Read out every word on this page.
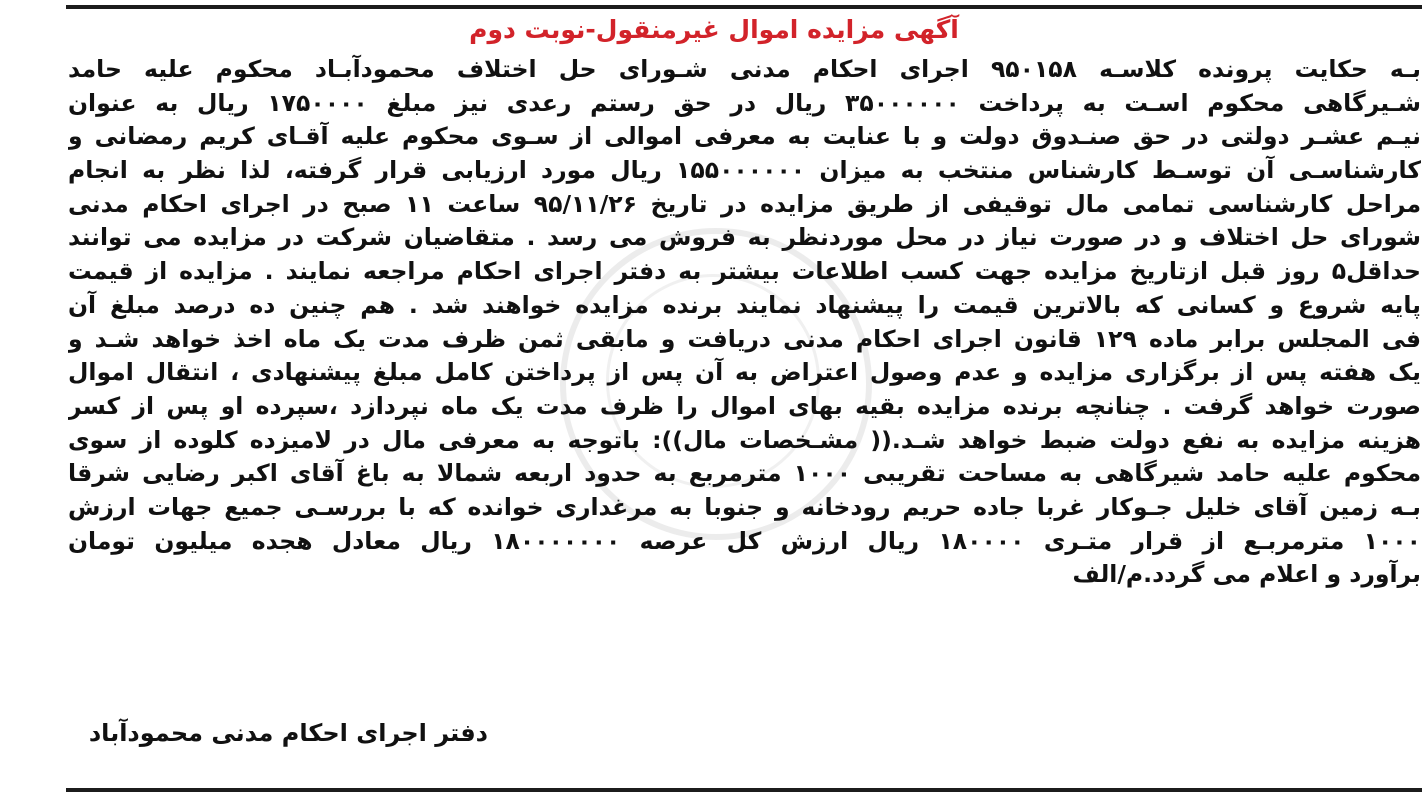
آگهی مزایده اموال غیرمنقول-نوبت دوم
بـه حکایت پرونده کلاسـه ۹۵۰۱۵۸ اجرای احکام مدنی شـورای حل اختلاف محمودآبـاد محکوم علیه حامد
شـیرگاهی محکوم اسـت به پرداخت ۳۵۰۰۰۰۰۰ ریال در حق رستم رعدی نیز مبلغ ۱۷۵۰۰۰۰ ریال به عنوان
نیـم عشـر دولتی در حق صنـدوق دولت و با عنایت به معرفی اموالی از سـوی محکوم علیه آقـای کریم رمضانی و
کارشناسـی آن توسـط کارشناس منتخب به میزان ۱۵۵۰۰۰۰۰۰ ریال مورد ارزیابی قرار گرفته، لذا نظر به انجام
مراحل کارشناسی تمامی مال توقیفی از طریق مزایده در تاریخ ۹۵/۱۱/۲۶ ساعت ۱۱ صبح در اجرای احکام مدنی
شورای حل اختلاف و در صورت نیاز در محل موردنظر به فروش می رسد . متقاضیان شرکت در مزایده می توانند
حداقل۵ روز قبل ازتاریخ مزایده جهت کسب اطلاعات بیشتر به دفتر اجرای احکام مراجعه نمایند . مزایده از قیمت
پایه شروع و کسانی که بالاترین قیمت را پیشنهاد نمایند برنده مزایده خواهند شد . هم چنین ده درصد مبلغ آن
فی المجلس برابر ماده ۱۲۹ قانون اجرای احکام مدنی دریافت و مابقی ثمن ظرف مدت یک ماه اخذ خواهد شـد و
یک هفته پس از برگزاری مزایده و عدم وصول اعتراض به آن پس از پرداختن کامل مبلغ پیشنهادی ، انتقال اموال
صورت خواهد گرفت . چنانچه برنده مزایده بقیه بهای اموال را ظرف مدت یک ماه نپردازد ،سپرده او پس از کسر
هزینه مزایده به نفع دولت ضبط خواهد شـد.(( مشـخصات مال)): باتوجه به معرفی مال در لامیزده کلوده از سوی
محکوم علیه حامد شیرگاهی به مساحت تقریبی ۱۰۰۰ مترمربع به حدود اربعه شمالا به باغ آقای اکبر رضایی شرقا
بـه زمین آقای خلیل جـوکار غربا جاده حریم رودخانه و جنوبا به مرغداری خوانده که با بررسـی جمیع جهات ارزش
۱۰۰۰ مترمربـع از قرار متـری ۱۸۰۰۰۰ ریال ارزش کل عرصه ۱۸۰۰۰۰۰۰۰ ریال معادل هجده میلیون تومان
برآورد و اعلام می گردد.م/الف

دفتر اجرای احکام مدنی محمودآباد
